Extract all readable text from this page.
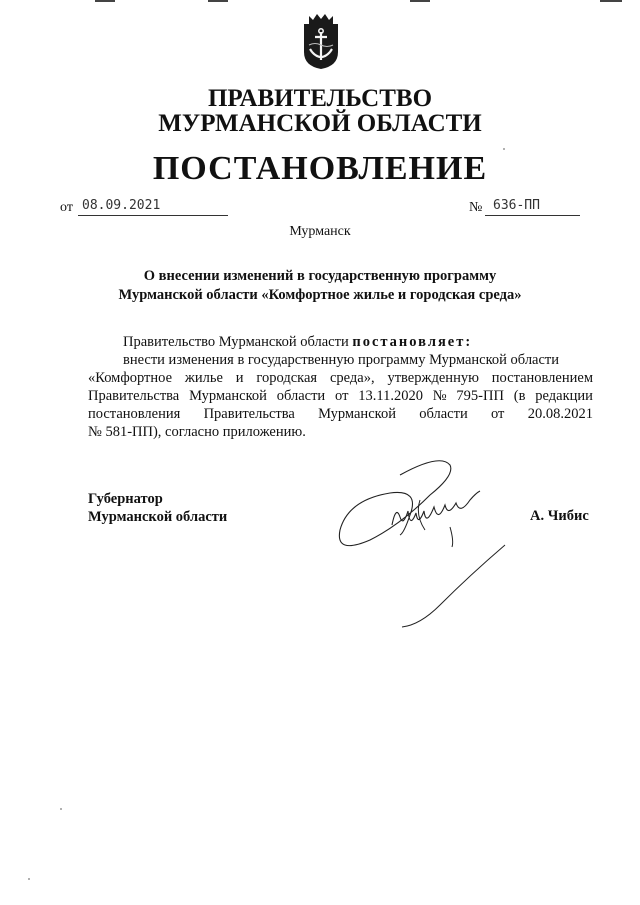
ПРАВИТЕЛЬСТВО
МУРМАНСКОЙ ОБЛАСТИ
ПОСТАНОВЛЕНИЕ
от 08.09.2021	№ 636-ПП
Мурманск
О внесении изменений в государственную программу
Мурманской области «Комфортное жилье и городская среда»

Правительство Мурманской области постановляет:

внести изменения в государственную программу Мурманской области

«Комфортное жилье и городская среда», утвержденную постановлением
Правительства Мурманской области от 13.11.2020 № 795-ПП (в редакции
постановления Правительства Мурманской области от 20.08.2021

№ 581-ПП), согласно приложению.

Губернатор
Мурманской области	А. Чибис
